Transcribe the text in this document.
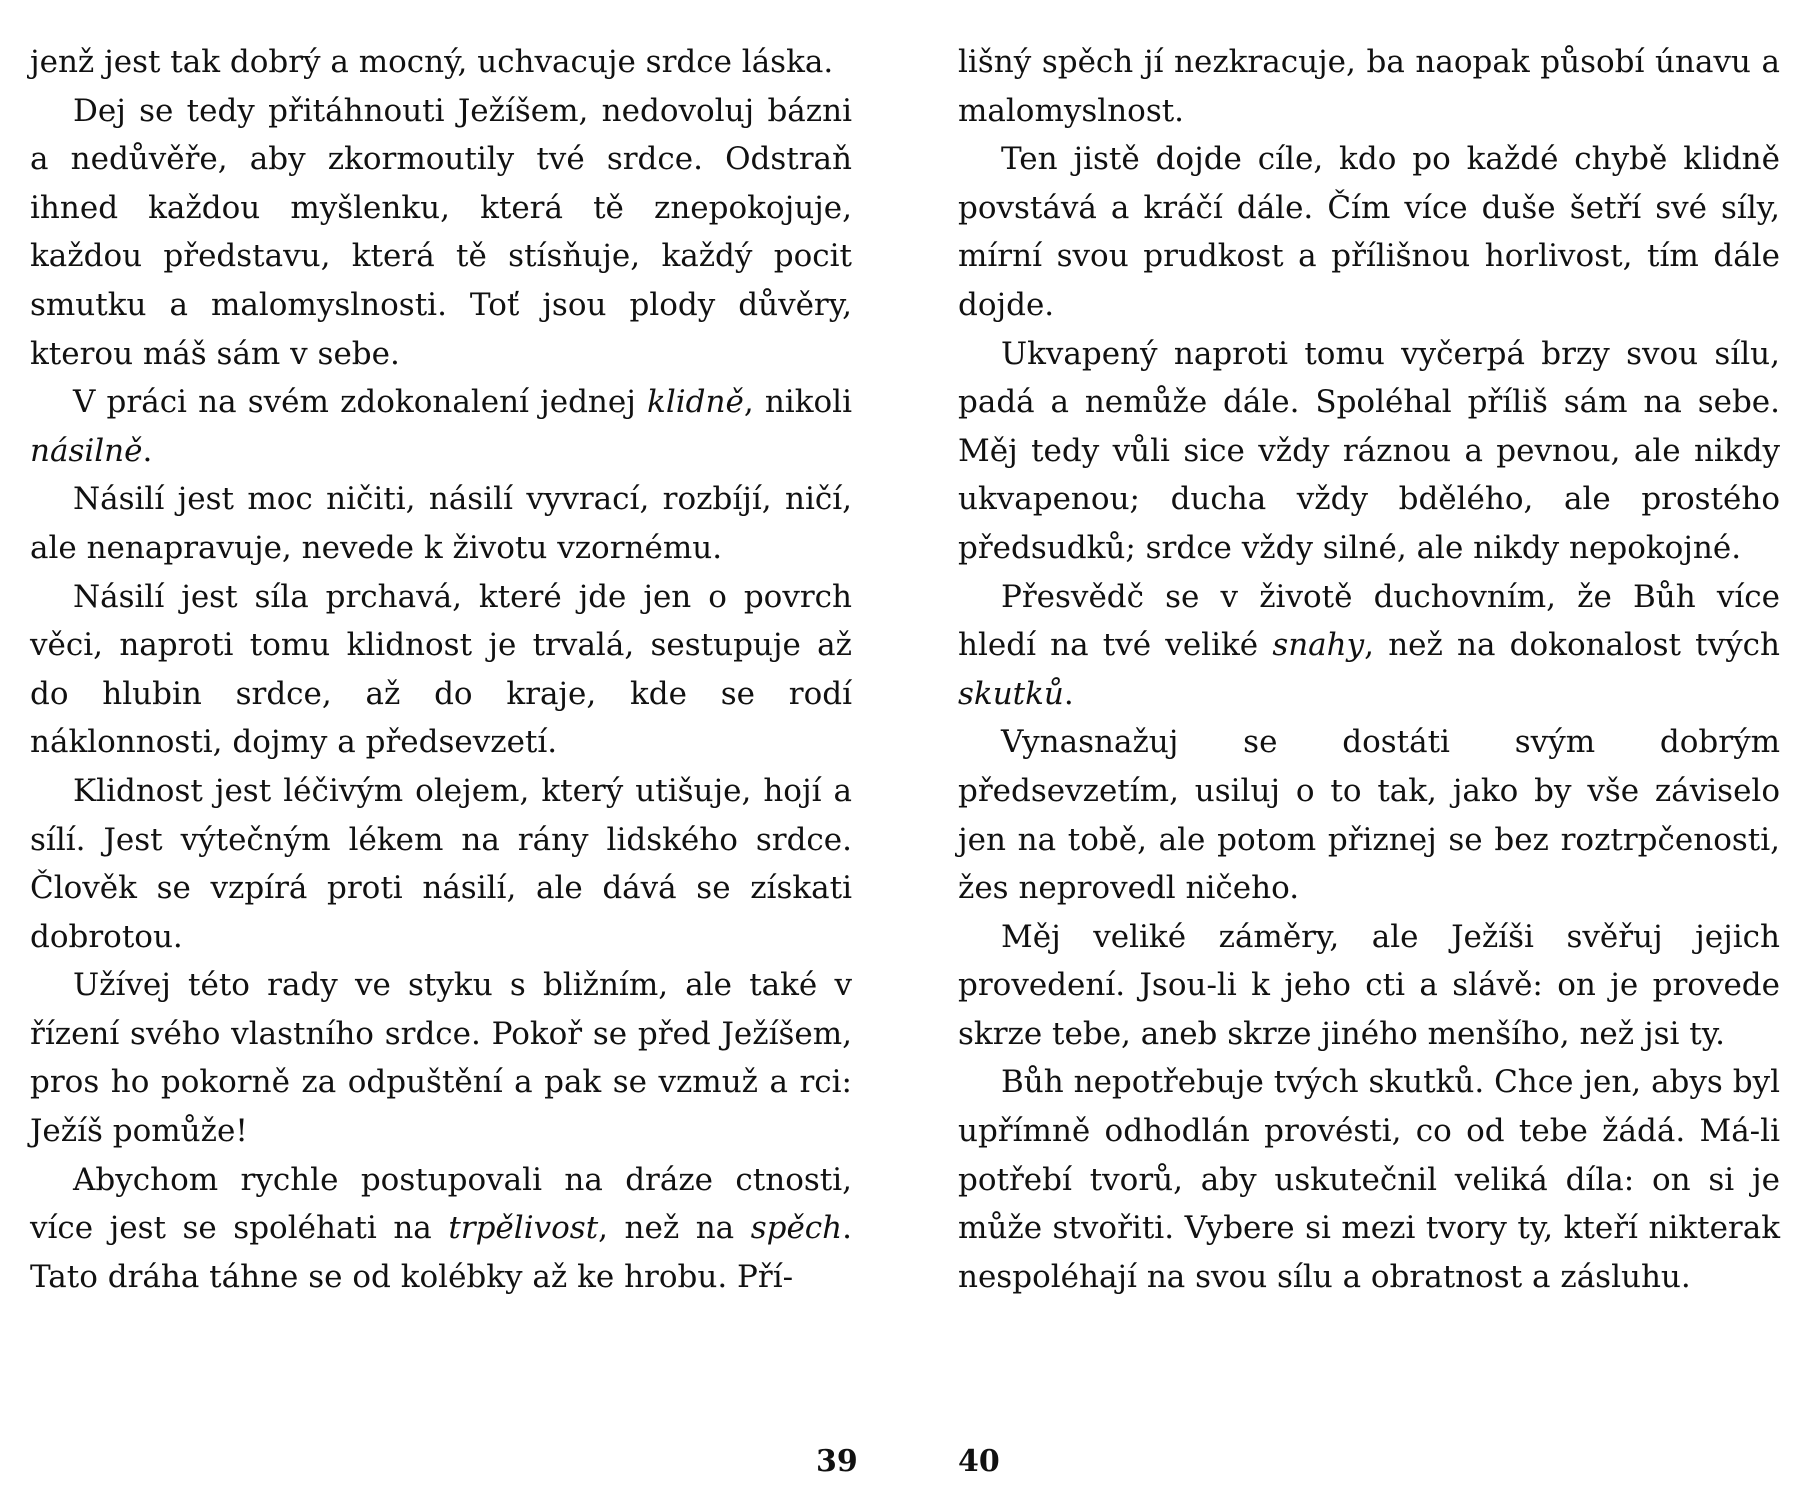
jenž jest tak dobrý a mocný, uchvacuje srdce láska.

Dej se tedy přitáhnouti Ježíšem, nedovoluj bázni a nedůvěře, aby zkormoutily tvé srdce. Odstraň ihned každou myšlenku, která tě znepokojuje, každou představu, která tě stísňuje, každý pocit smutku a malomyslnosti. Toť jsou plody důvěry, kterou máš sám v sebe.

V práci na svém zdokonalení jednej klidně, nikoli násilně.

Násilí jest moc ničiti, násilí vyvrací, rozbíjí, ničí, ale nenapravuje, nevede k životu vzornému.

Násilí jest síla prchavá, které jde jen o povrch věci, naproti tomu klidnost je trvalá, sestupuje až do hlubin srdce, až do kraje, kde se rodí náklonnosti, dojmy a předsevzetí.

Klidnost jest léčivým olejem, který utišuje, hojí a sílí. Jest výtečným lékem na rány lidského srdce. Člověk se vzpírá proti násilí, ale dává se získati dobrotou.

Užívej této rady ve styku s bližním, ale také v řízení svého vlastního srdce. Pokoř se před Ježíšem, pros ho pokorně za odpuštění a pak se vzmuž a rci: Ježíš pomůže!

Abychom rychle postupovali na dráze ctnosti, více jest se spoléhati na trpělivost, než na spěch. Tato dráha táhne se od kolébky až ke hrobu. Pří-

lišný spěch jí nezkracuje, ba naopak působí únavu a malomyslnost.

Ten jistě dojde cíle, kdo po každé chybě klidně povstává a kráčí dále. Čím více duše šetří své síly, mírní svou prudkost a přílišnou horlivost, tím dále dojde.

Ukvapený naproti tomu vyčerpá brzy svou sílu, padá a nemůže dále. Spoléhal příliš sám na sebe. Měj tedy vůli sice vždy ráznou a pevnou, ale nikdy ukvapenou; ducha vždy bdělého, ale prostého předsudků; srdce vždy silné, ale nikdy nepokojné.

Přesvědč se v životě duchovním, že Bůh více hledí na tvé veliké snahy, než na dokonalost tvých skutků.

Vynasnažuj se dostáti svým dobrým předsevzetím, usiluj o to tak, jako by vše záviselo jen na tobě, ale potom přiznej se bez roztrpčenosti, žes neprovedl ničeho.

Měj veliké záměry, ale Ježíši svěřuj jejich provedení. Jsou-li k jeho cti a slávě: on je provede skrze tebe, aneb skrze jiného menšího, než jsi ty.

Bůh nepotřebuje tvých skutků. Chce jen, abys byl upřímně odhodlán provésti, co od tebe žádá. Má-li potřebí tvorů, aby uskutečnil veliká díla: on si je může stvořiti. Vybere si mezi tvory ty, kteří nikterak nespoléhají na svou sílu a obratnost a zásluhu.

39	40
